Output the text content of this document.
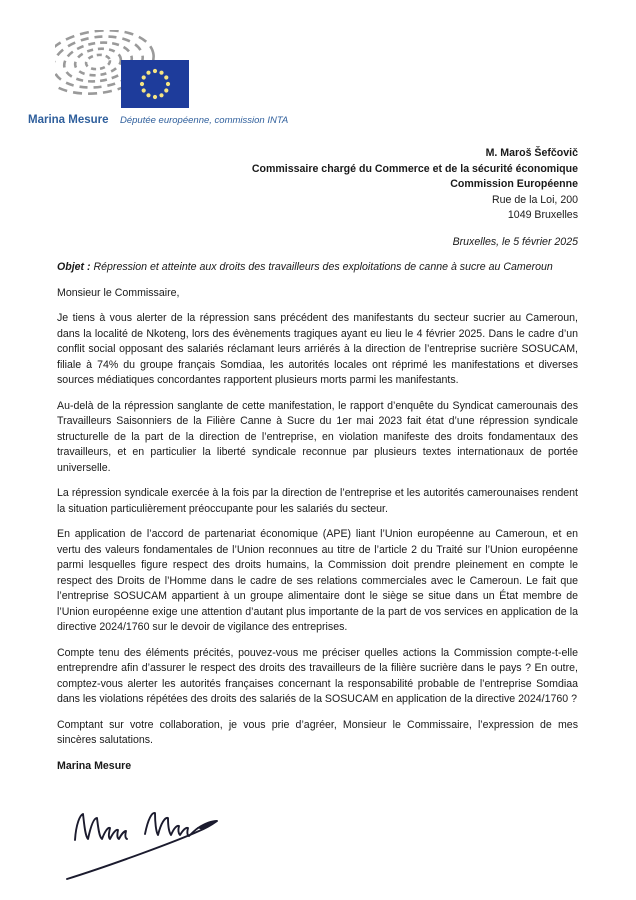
Marina Mesure Députée européenne, commission INTA
M. Maroš Šefčovič
Commissaire chargé du Commerce et de la sécurité économique
Commission Européenne
Rue de la Loi, 200
1049 Bruxelles
Bruxelles, le 5 février 2025

Objet : Répression et atteinte aux droits des travailleurs des exploitations de canne à sucre au Cameroun

Monsieur le Commissaire,

Je tiens à vous alerter de la répression sans précédent des manifestants du secteur sucrier au Cameroun, dans la localité de Nkoteng, lors des évènements tragiques ayant eu lieu le 4 février 2025. Dans le cadre d’un conflit social opposant des salariés réclamant leurs arriérés à la direction de l’entreprise sucrière SOSUCAM, filiale à 74% du groupe français Somdiaa, les autorités locales ont réprimé les manifestations et diverses sources médiatiques concordantes rapportent plusieurs morts parmi les manifestants.

Au-delà de la répression sanglante de cette manifestation, le rapport d’enquête du Syndicat camerounais des Travailleurs Saisonniers de la Filière Canne à Sucre du 1er mai 2023 fait état d’une répression syndicale structurelle de la part de la direction de l’entreprise, en violation manifeste des droits fondamentaux des travailleurs, et en particulier la liberté syndicale reconnue par plusieurs textes internationaux de portée universelle.

La répression syndicale exercée à la fois par la direction de l’entreprise et les autorités camerounaises rendent la situation particulièrement préoccupante pour les salariés du secteur.

En application de l’accord de partenariat économique (APE) liant l’Union européenne au Cameroun, et en vertu des valeurs fondamentales de l’Union reconnues au titre de l’article 2 du Traité sur l’Union européenne parmi lesquelles figure respect des droits humains, la Commission doit prendre pleinement en compte le respect des Droits de l’Homme dans le cadre de ses relations commerciales avec le Cameroun. Le fait que l’entreprise SOSUCAM appartient à un groupe alimentaire dont le siège se situe dans un État membre de l’Union européenne exige une attention d’autant plus importante de la part de vos services en application de la directive 2024/1760 sur le devoir de vigilance des entreprises.

Compte tenu des éléments précités, pouvez-vous me préciser quelles actions la Commission compte-t-elle entreprendre afin d’assurer le respect des droits des travailleurs de la filière sucrière dans le pays ? En outre, comptez-vous alerter les autorités françaises concernant la responsabilité probable de l’entreprise Somdiaa dans les violations répétées des droits des salariés de la SOSUCAM en application de la directive 2024/1760 ?

Comptant sur votre collaboration, je vous prie d’agréer, Monsieur le Commissaire, l’expression de mes sincères salutations.

Marina Mesure
